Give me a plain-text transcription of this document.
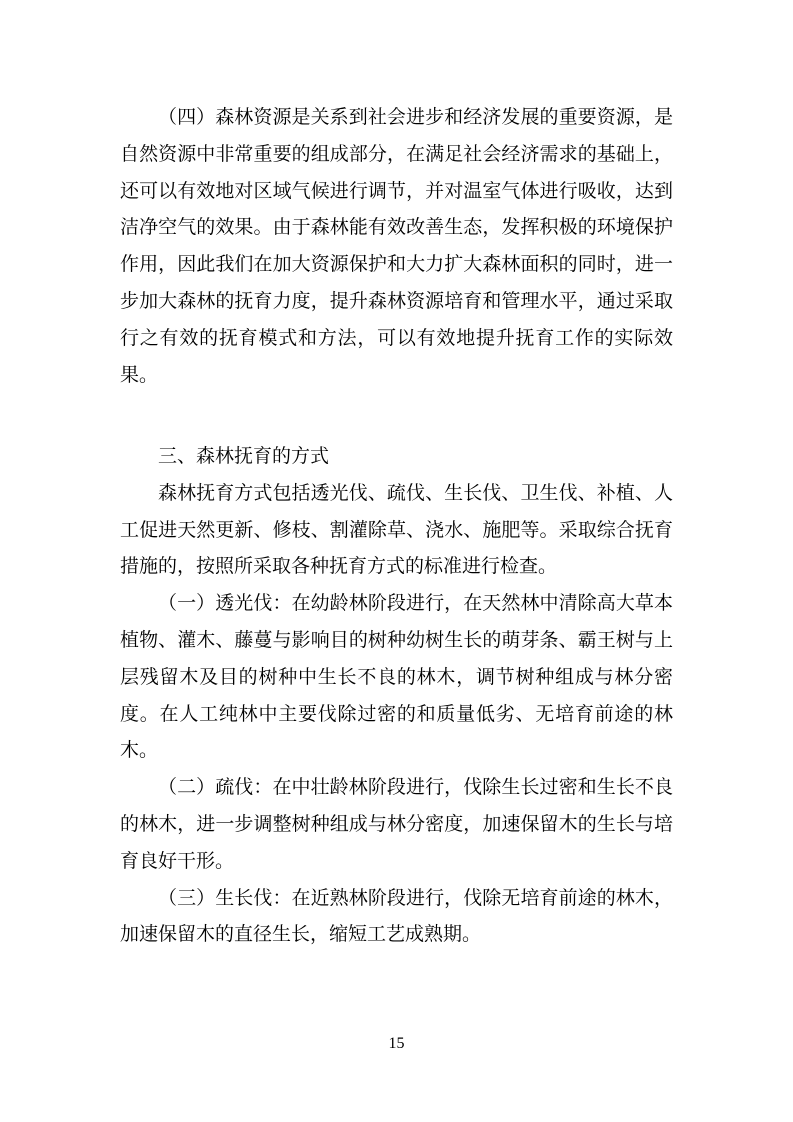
（四）森林资源是关系到社会进步和经济发展的重要资源，是自然资源中非常重要的组成部分，在满足社会经济需求的基础上，还可以有效地对区域气候进行调节，并对温室气体进行吸收，达到洁净空气的效果。由于森林能有效改善生态，发挥积极的环境保护作用，因此我们在加大资源保护和大力扩大森林面积的同时，进一步加大森林的抚育力度，提升森林资源培育和管理水平，通过采取行之有效的抚育模式和方法，可以有效地提升抚育工作的实际效果。

三、森林抚育的方式

森林抚育方式包括透光伐、疏伐、生长伐、卫生伐、补植、人工促进天然更新、修枝、割灌除草、浇水、施肥等。采取综合抚育措施的，按照所采取各种抚育方式的标准进行检查。

（一）透光伐：在幼龄林阶段进行，在天然林中清除高大草本植物、灌木、藤蔓与影响目的树种幼树生长的萌芽条、霸王树与上层残留木及目的树种中生长不良的林木，调节树种组成与林分密度。在人工纯林中主要伐除过密的和质量低劣、无培育前途的林木。

（二）疏伐：在中壮龄林阶段进行，伐除生长过密和生长不良的林木，进一步调整树种组成与林分密度，加速保留木的生长与培育良好干形。

（三）生长伐：在近熟林阶段进行，伐除无培育前途的林木，加速保留木的直径生长，缩短工艺成熟期。

15
